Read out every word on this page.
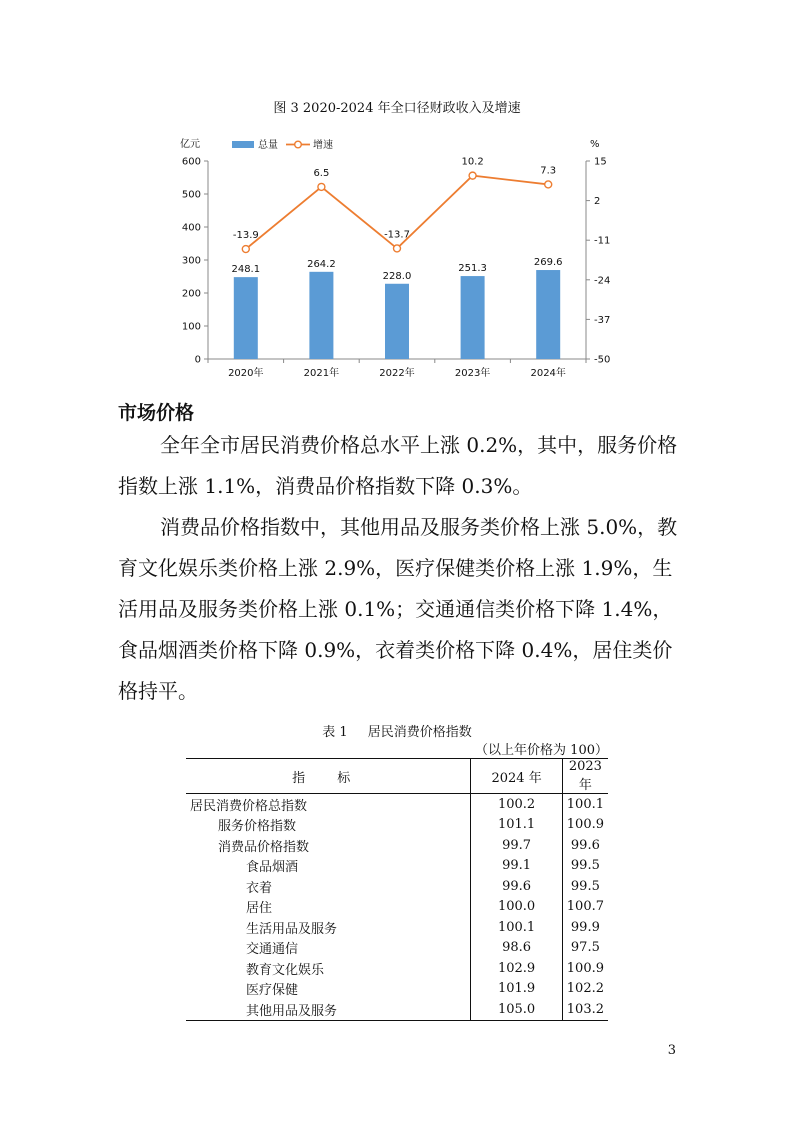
图 3 2020-2024 年全口径财政收入及增速
0
100
200
300
400
500
600
-50
-37
-24
-11
2
15
亿元	%
总量	增速
248.1	264.2
228.0
251.3
269.6
-13.9
6.5
-13.7
10.2
7.3
2020年	2021年	2022年	2023年	2024年
市场价格

全年全市居民消费价格总水平上涨 0.2%，其中，服务价格指数上涨 1.1%，消费品价格指数下降 0.3%。

消费品价格指数中，其他用品及服务类价格上涨 5.0%，教育文化娱乐类价格上涨 2.9%，医疗保健类价格上涨 1.9%，生活用品及服务类价格上涨 0.1%；交通通信类价格下降 1.4%，食品烟酒类价格下降 0.9%，衣着类价格下降 0.4%，居住类价格持平。

表 1 居民消费价格指数
（以上年价格为 100）
指 标	2024 年	2023 年
居民消费价格总指数	100.2	100.1
服务价格指数	101.1	100.9
消费品价格指数	99.7	99.6
食品烟酒	99.1	99.5
衣着	99.6	99.5
居住	100.0	100.7
生活用品及服务	100.1	99.9
交通通信	98.6	97.5
教育文化娱乐	102.9	100.9
医疗保健	101.9	102.2
其他用品及服务	105.0	103.2
3
